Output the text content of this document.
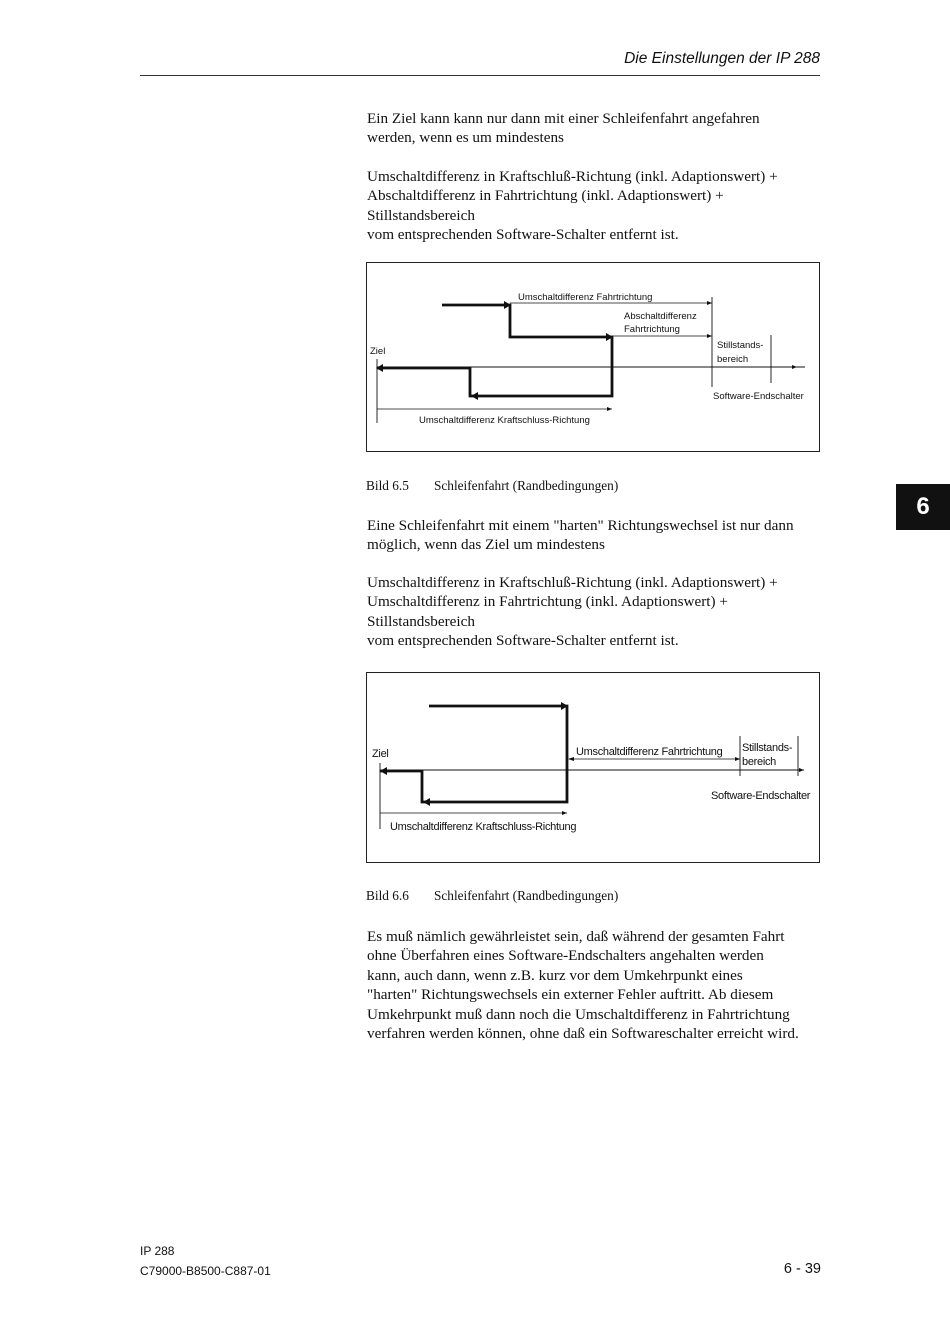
Die Einstellungen der IP 288
Ein Ziel kann kann nur dann mit einer Schleifenfahrt angefahren
werden, wenn es um mindestens
Umschaltdifferenz in Kraftschluß-Richtung (inkl. Adaptionswert) +
Abschaltdifferenz in Fahrtrichtung (inkl. Adaptionswert) +
Stillstandsbereich
vom entsprechenden Software-Schalter entfernt ist.
Umschaltdifferenz Fahrtrichtung
Abschaltdifferenz
Fahrtrichtung
Stillstands-
bereich
Ziel
Software-Endschalter
Umschaltdifferenz Kraftschluss-Richtung
Bild 6.5 Schleifenfahrt (Randbedingungen)
6
Eine Schleifenfahrt mit einem "harten" Richtungswechsel ist nur dann
möglich, wenn das Ziel um mindestens
Umschaltdifferenz in Kraftschluß-Richtung (inkl. Adaptionswert) +
Umschaltdifferenz in Fahrtrichtung (inkl. Adaptionswert) +
Stillstandsbereich
vom entsprechenden Software-Schalter entfernt ist.
Ziel	Umschaltdifferenz Fahrtrichtung Stillstands-
bereich
Software-Endschalter
Umschaltdifferenz Kraftschluss-Richtung
Bild 6.6 Schleifenfahrt (Randbedingungen)
Es muß nämlich gewährleistet sein, daß während der gesamten Fahrt
ohne Überfahren eines Software-Endschalters angehalten werden
kann, auch dann, wenn z.B. kurz vor dem Umkehrpunkt eines
"harten" Richtungswechsels ein externer Fehler auftritt. Ab diesem
Umkehrpunkt muß dann noch die Umschaltdifferenz in Fahrtrichtung
verfahren werden können, ohne daß ein Softwareschalter erreicht wird.
IP 288
C79000-B8500-C887-01	6 - 39
